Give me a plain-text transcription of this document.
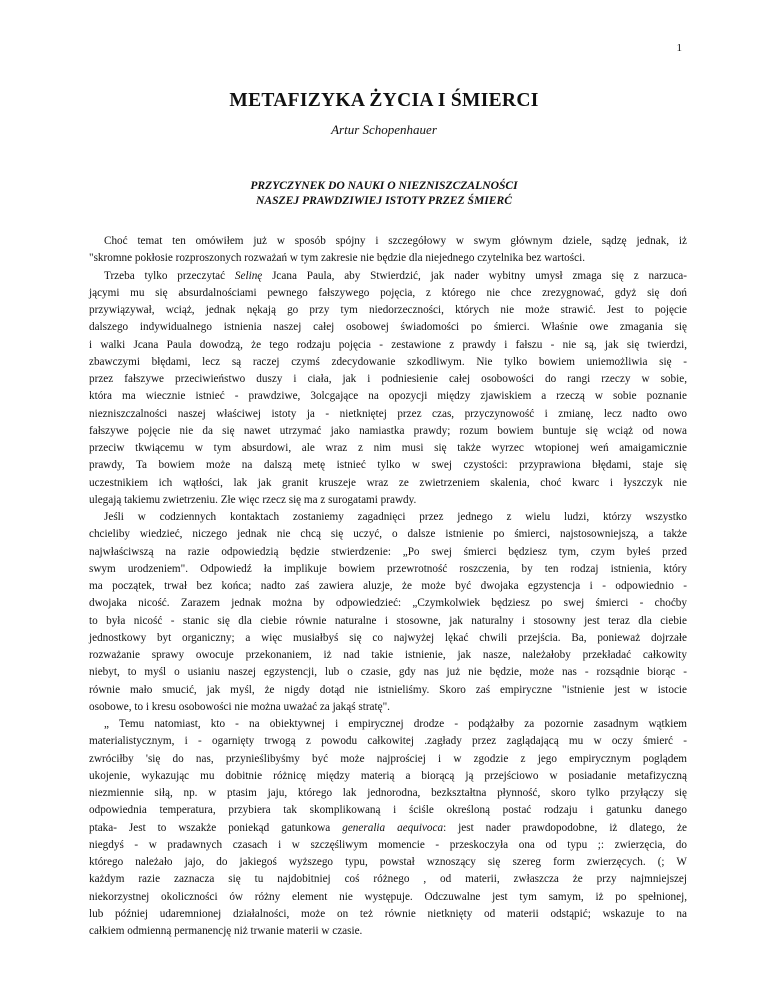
1
METAFIZYKA ŻYCIA I ŚMIERCI
Artur Schopenhauer
PRZYCZYNEK DO NAUKI O NIEZNISZCZALNOŚCI
NASZEJ PRAWDZIWIEJ ISTOTY PRZEZ ŚMIERĆ
Choć temat ten omówiłem już w sposób spójny i szczegółowy w swym głównym dziele, sądzę jednak, iż
"skromne pokłosie rozproszonych rozważań w tym zakresie nie będzie dla niejednego czytelnika bez wartości.
Trzeba tylko przeczytać Selinę Jcana Paula, aby Stwierdzić, jak nader wybitny umysł zmaga się z narzuca-
jącymi mu się absurdalnościami pewnego fałszywego pojęcia, z którego nie chce zrezygnować, gdyż się doń
przywiązywał, wciąż, jednak nękają go przy tym niedorzeczności, których nie może strawić. Jest to pojęcie
dalszego indywidualnego istnienia naszej całej osobowej świadomości po śmierci. Właśnie owe zmagania się
i walki Jcana Paula dowodzą, że tego rodzaju pojęcia - zestawione z prawdy i fałszu - nie są, jak się twierdzi,
zbawczymi błędami, lecz są raczej czymś zdecydowanie szkodliwym. Nie tylko bowiem uniemożliwia się -
przez fałszywe przeciwieństwo duszy i ciała, jak i podniesienie całej osobowości do rangi rzeczy w sobie,
która ma wiecznie istnieć - prawdziwe, 3olcgające na opozycji między zjawiskiem a rzeczą w sobie poznanie
niezniszczalności naszej właściwej istoty ja - nietkniętej przez czas, przyczynowość i zmianę, lecz nadto owo
fałszywe pojęcie nie da się nawet utrzymać jako namiastka prawdy; rozum bowiem buntuje się wciąż od nowa
przeciw tkwiącemu w tym absurdowi, ale wraz z nim musi się także wyrzec wtopionej weń amaigamicznie
prawdy, Ta bowiem może na dalszą metę istnieć tylko w swej czystości: przyprawiona błędami, staje się
uczestnikiem ich wątłości, lak jak granit kruszeje wraz ze zwietrzeniem skalenia, choć kwarc i łyszczyk nie
ulegają takiemu zwietrzeniu. Złe więc rzecz się ma z surogatami prawdy.
Jeśli w codziennych kontaktach zostaniemy zagadnięci przez jednego z wielu ludzi, którzy wszystko
chcieliby wiedzieć, niczego jednak nie chcą się uczyć, o dalsze istnienie po śmierci, najstosowniejszą, a także
najwłaściwszą na razie odpowiedzią będzie stwierdzenie: „Po swej śmierci będziesz tym, czym byłeś przed
swym urodzeniem". Odpowiedź ła implikuje bowiem przewrotność roszczenia, by ten rodzaj istnienia, który
ma początek, trwał bez końca; nadto zaś zawiera aluzje, że może być dwojaka egzystencja i - odpowiednio -
dwojaka nicość. Zarazem jednak można by odpowiedzieć: „Czymkolwiek będziesz po swej śmierci - choćby
to była nicość - stanic się dla ciebie równie naturalne i stosowne, jak naturalny i stosowny jest teraz dla ciebie
jednostkowy byt organiczny; a więc musiałbyś się co najwyżej lękać chwili przejścia. Ba, ponieważ dojrzałe
rozważanie sprawy owocuje przekonaniem, iż nad takie istnienie, jak nasze, należałoby przekładać całkowity
niebyt, to myśl o usianiu naszej egzystencji, lub o czasie, gdy nas już nie będzie, może nas - rozsądnie biorąc -
równie mało smucić, jak myśl, że nigdy dotąd nie istnieliśmy. Skoro zaś empiryczne "istnienie jest w istocie
osobowe, to i kresu osobowości nie można uważać za jakąś stratę".
„ Temu natomiast, kto - na obiektywnej i empirycznej drodze - podążałby za pozornie zasadnym wątkiem
materialistycznym, i - ogarnięty trwogą z powodu całkowitej .zagłady przez zaglądającą mu w oczy śmierć -
zwróciłby 'się do nas, przynieślibyśmy być może najprościej i w zgodzie z jego empirycznym poglądem
ukojenie, wykazując mu dobitnie różnicę między materią a biorącą ją przejściowo w posiadanie metafizyczną
niezmiennie siłą, np. w ptasim jaju, którego lak jednorodna, bezkształtna płynność, skoro tylko przyłączy się
odpowiednia temperatura, przybiera tak skomplikowaną i ściśle określoną postać rodzaju i gatunku danego
ptaka- Jest to wszakże poniekąd gatunkowa generalia aequivoca: jest nader prawdopodobne, iż dlatego, że
niegdyś - w pradawnych czasach i w szczęśliwym momencie - przeskoczyła ona od typu ;: zwierzęcia, do
którego należało jajo, do jakiegoś wyższego typu, powstał wznoszący się szereg form zwierzęcych. (; W
każdym razie zaznacza się tu najdobitniej coś różnego , od materii, zwłaszcza że przy najmniejszej
niekorzystnej okoliczności ów różny element nie występuje. Odczuwalne jest tym samym, iż po spełnionej,
lub później udaremnionej działalności, może on też równie nietknięty od materii odstąpić; wskazuje to na
całkiem odmienną permanencję niż trwanie materii w czasie.
